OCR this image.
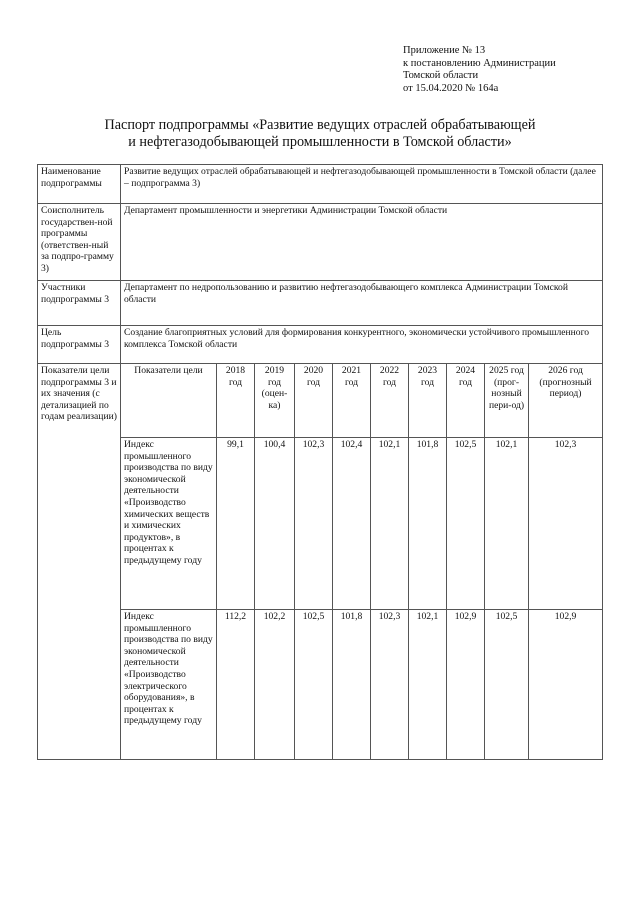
Приложение № 13
к постановлению Администрации
Томской области
от 15.04.2020 № 164а
Паспорт подпрограммы «Развитие ведущих отраслей обрабатывающей
и нефтегазодобывающей промышленности в Томской области»
Наименование подпрограммы	Развитие ведущих отраслей обрабатывающей и нефтегазодобывающей промышленности в Томской области (далее – подпрограмма 3)									
Соисполнитель государствен-ной программы (ответствен-ный за подпро-грамму 3)	Департамент промышленности и энергетики Администрации Томской области									
Участники подпрограммы 3	Департамент по недропользованию и развитию нефтегазодобывающего комплекса Администрации Томской области									
Цель подпрограммы 3	Создание благоприятных условий для формирования конкурентного, экономически устойчивого промышленного комплекса Томской области									
Показатели цели подпрограммы 3 и их значения (с детализацией по годам реализации)	Показатели цели	2018 год	2019 год (оцен-ка)	2020 год	2021 год	2022 год	2023 год	2024 год	2025 год (прог-нозный пери-од)	2026 год (прогнозный период)
	Индекс промышленного производства по виду экономической деятельности «Производство химических веществ и химических продуктов», в процентах к предыдущему году	99,1	100,4	102,3	102,4	102,1	101,8	102,5	102,1	102,3
	Индекс промышленного производства по виду экономической деятельности «Производство электрического оборудования», в процентах к предыдущему году	112,2	102,2	102,5	101,8	102,3	102,1	102,9	102,5	102,9
